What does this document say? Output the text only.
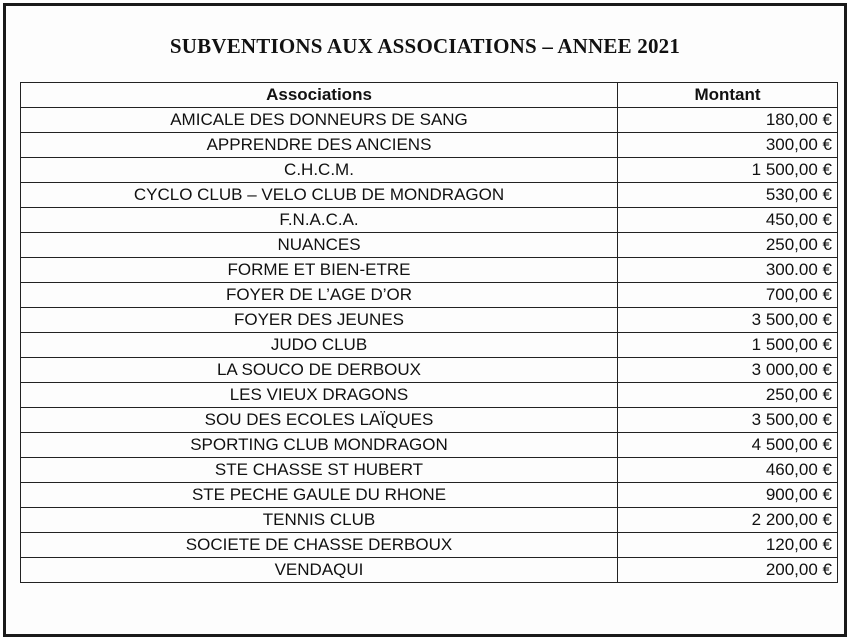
SUBVENTIONS AUX ASSOCIATIONS – ANNEE 2021
Associations	Montant
AMICALE DES DONNEURS DE SANG	180,00 €
APPRENDRE DES ANCIENS	300,00 €
C.H.C.M.	1 500,00 €
CYCLO CLUB – VELO CLUB DE MONDRAGON	530,00 €
F.N.A.C.A.	450,00 €
NUANCES	250,00 €
FORME ET BIEN-ETRE	300.00 €
FOYER DE L’AGE D’OR	700,00 €
FOYER DES JEUNES	3 500,00 €
JUDO CLUB	1 500,00 €
LA SOUCO DE DERBOUX	3 000,00 €
LES VIEUX DRAGONS	250,00 €
SOU DES ECOLES LAÏQUES	3 500,00 €
SPORTING CLUB MONDRAGON	4 500,00 €
STE CHASSE ST HUBERT	460,00 €
STE PECHE GAULE DU RHONE	900,00 €
TENNIS CLUB	2 200,00 €
SOCIETE DE CHASSE DERBOUX	120,00 €
VENDAQUI	200,00 €
